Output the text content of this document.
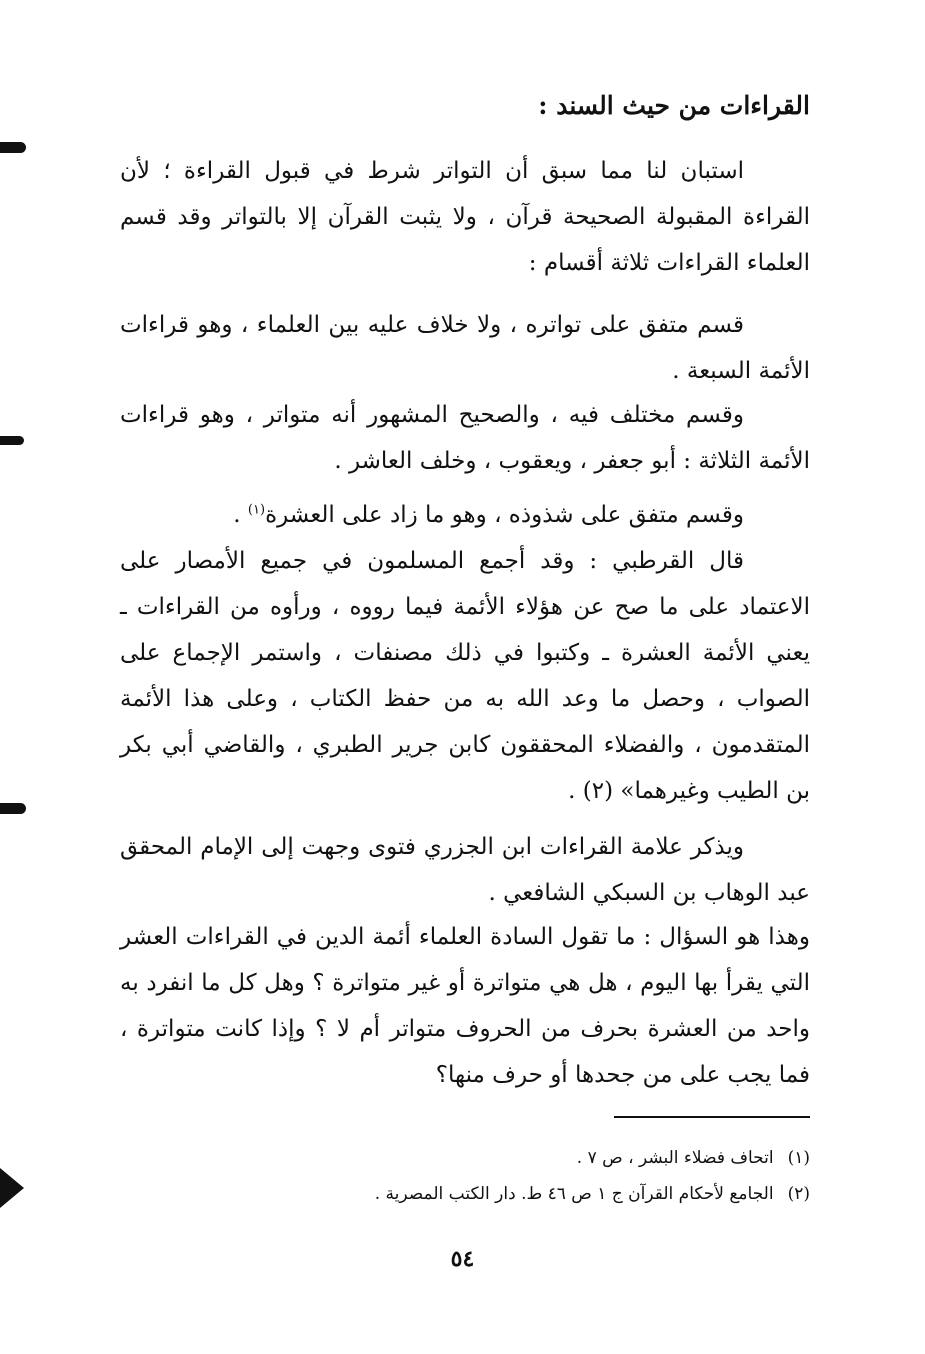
القراءات من حيث السند :

استبان لنا مما سبق أن التواتر شرط في قبول القراءة ؛ لأن القراءة المقبولة الصحيحة قرآن ، ولا يثبت القرآن إلا بالتواتر وقد قسم العلماء القراءات ثلاثة أقسام :

قسم متفق على تواتره ، ولا خلاف عليه بين العلماء ، وهو قراءات الأئمة السبعة .

وقسم مختلف فيه ، والصحيح المشهور أنه متواتر ، وهو قراءات الأئمة الثلاثة : أبو جعفر ، ويعقوب ، وخلف العاشر .

وقسم متفق على شذوذه ، وهو ما زاد على العشرة$^{(١)}$ .

قال القرطبي : وقد أجمع المسلمون في جميع الأمصار على الاعتماد على ما صح عن هؤلاء الأئمة فيما رووه ، ورأوه من القراءات ـ يعني الأئمة العشرة ـ وكتبوا في ذلك مصنفات ، واستمر الإجماع على الصواب ، وحصل ما وعد الله به من حفظ الكتاب ، وعلى هذا الأئمة المتقدمون ، والفضلاء المحققون كابن جرير الطبري ، والقاضي أبي بكر بن الطيب وغيرهما» (٢) .

ويذكر علامة القراءات ابن الجزري فتوى وجهت إلى الإمام المحقق عبد الوهاب بن السبكي الشافعي .

وهذا هو السؤال : ما تقول السادة العلماء أئمة الدين في القراءات العشر التي يقرأ بها اليوم ، هل هي متواترة أو غير متواترة ؟ وهل كل ما انفرد به واحد من العشرة بحرف من الحروف متواتر أم لا ؟ وإذا كانت متواترة ، فما يجب على من جحدها أو حرف منها؟

(١)
اتحاف فضلاء البشر ، ص ٧ .
(٢)
الجامع لأحكام القرآن ج ١ ص ٤٦ ط. دار الكتب المصرية .
٥٤
